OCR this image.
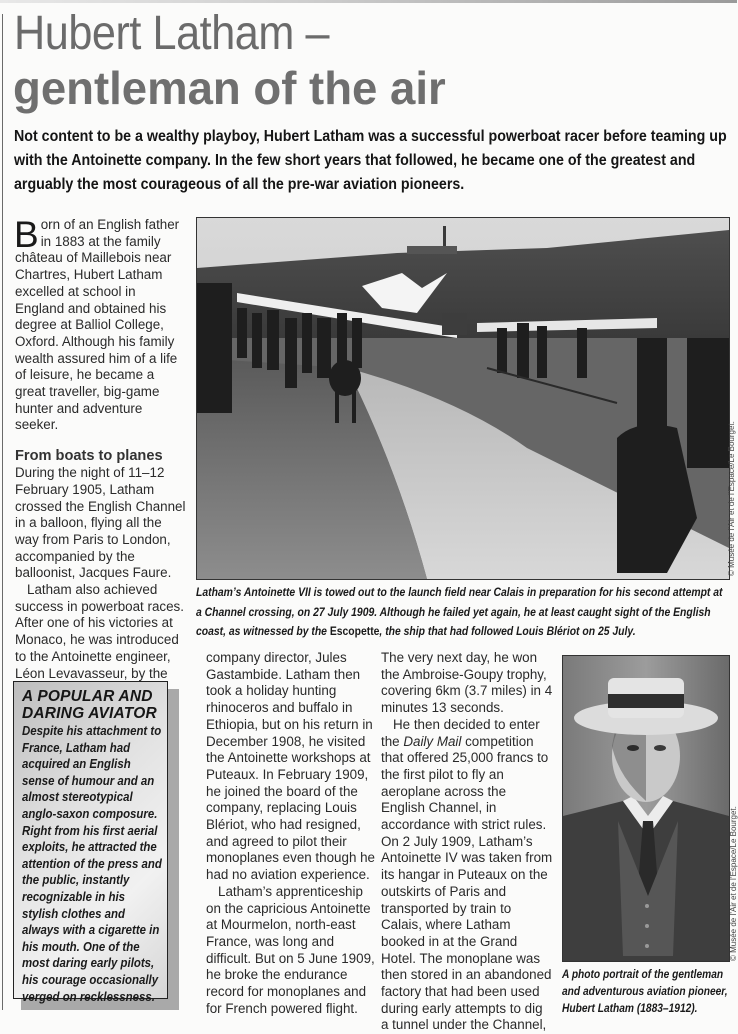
Hubert Latham –
gentleman of the air

Not content to be a wealthy playboy, Hubert Latham was a successful powerboat racer before teaming up with the Antoinette company. In the few short years that followed, he became one of the greatest and arguably the most courageous of all the pre-war aviation pioneers.

Born of an English father in 1883 at the family château of Maillebois near Chartres, Hubert Latham excelled at school in England and obtained his degree at Balliol College, Oxford. Although his family wealth assured him of a life of leisure, he became a great traveller, big-game hunter and adventure seeker.

From boats to planes

During the night of 11–12 February 1905, Latham crossed the English Channel in a balloon, flying all the way from Paris to London, accompanied by the balloonist, Jacques Faure.

Latham also achieved success in powerboat races. After one of his victories at Monaco, he was introduced to the Antoinette engineer, Léon Levavasseur, by the

© Musée de l’Air et de l’Espace/Le Bourget.

Latham’s Antoinette VII is towed out to the launch field near Calais in preparation for his second attempt at a Channel crossing, on 27 July 1909. Although he failed yet again, he at least caught sight of the English coast, as witnessed by the Escopette, the ship that had followed Louis Blériot on 25 July.

A POPULAR AND DARING AVIATOR
Despite his attachment to France, Latham had acquired an English sense of humour and an almost stereotypical anglo-saxon composure. Right from his first aerial exploits, he attracted the attention of the press and the public, instantly recognizable in his stylish clothes and always with a cigarette in his mouth. One of the most daring early pilots, his courage occasionally verged on recklessness.

company director, Jules Gastambide. Latham then took a holiday hunting rhinoceros and buffalo in Ethiopia, but on his return in December 1908, he visited the Antoinette workshops at Puteaux. In February 1909, he joined the board of the company, replacing Louis Blériot, who had resigned, and agreed to pilot their monoplanes even though he had no aviation experience.

Latham’s apprenticeship on the capricious Antoinette at Mourmelon, north-east France, was long and difficult. But on 5 June 1909, he broke the endurance record for monoplanes and for French powered flight.

The very next day, he won the Ambroise-Goupy trophy, covering 6km (3.7 miles) in 4 minutes 13 seconds.

He then decided to enter the Daily Mail competition that offered 25,000 francs to the first pilot to fly an aeroplane across the English Channel, in accordance with strict rules. On 2 July 1909, Latham’s Antoinette IV was taken from its hangar in Puteaux on the outskirts of Paris and transported by train to Calais, where Latham booked in at the Grand Hotel. The monoplane was then stored in an abandoned factory that had been used during early attempts to dig a tunnel under the Channel,

© Musée de l’Air et de l’Espace/Le Bourget.

A photo portrait of the gentleman and adventurous aviation pioneer, Hubert Latham (1883–1912).
